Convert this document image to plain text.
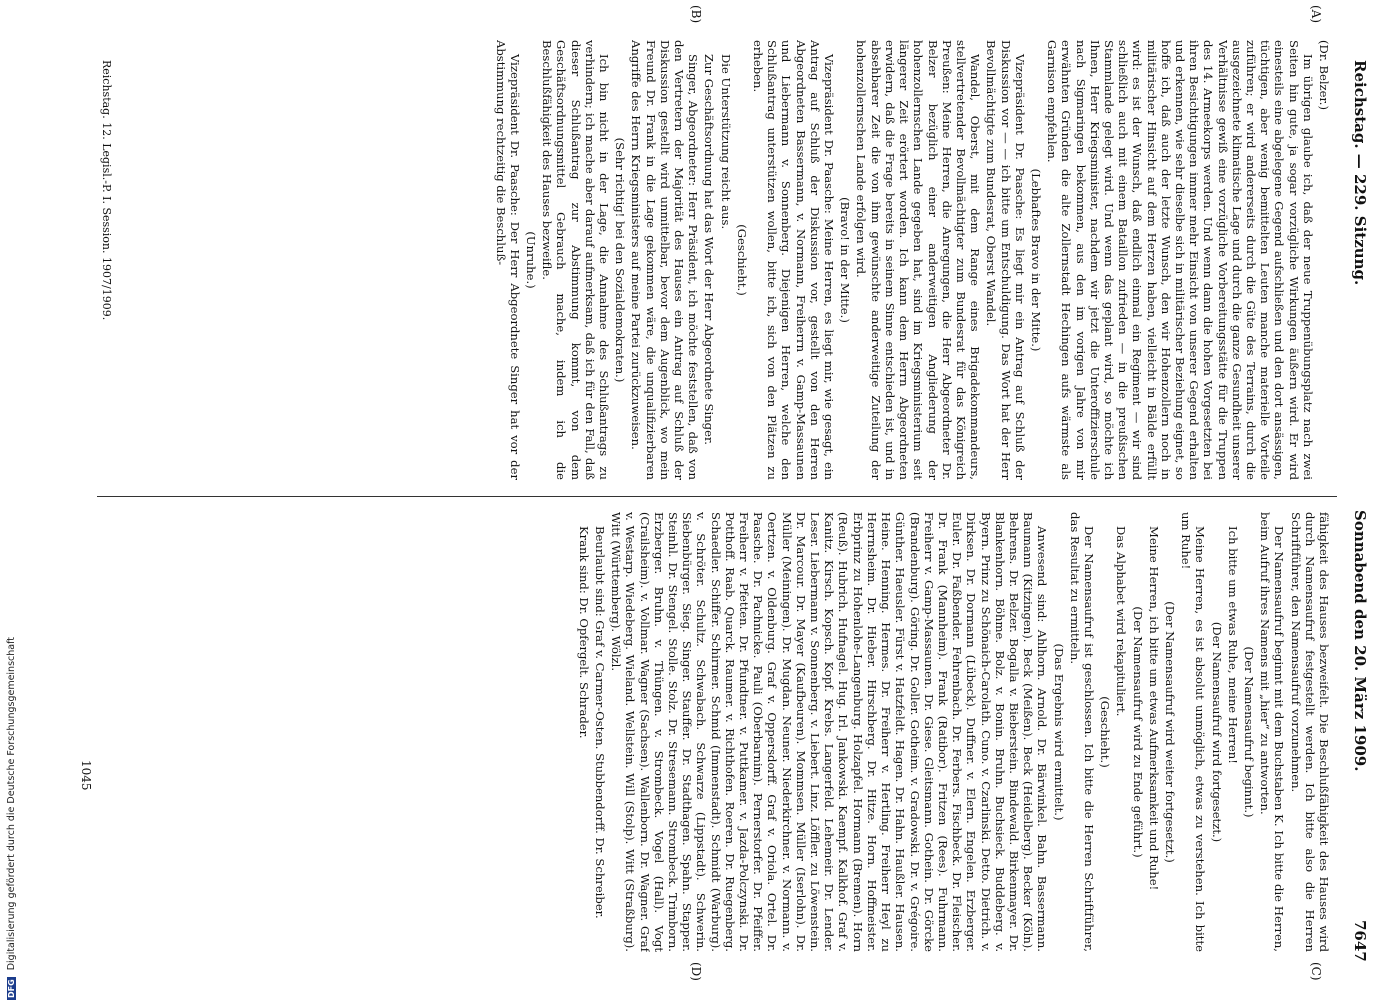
Reichstag. — 229. Sitzung.
Sonnabend den 20. März 1909.
7647
(A)
(B)
(C)
(D)

(Dr. Belzer.)

Im übrigen glaube ich, daß der neue Truppenübungsplatz nach zwei Seiten hin gute, ja sogar vorzügliche Wirkungen äußern wird. Er wird einesteils eine abgelegene Gegend aufschließen und den dort ansässigen, tüchtigen, aber wenig bemittelten Leuten manche materielle Vorteile zuführen; er wird andererseits durch die Güte des Terrains, durch die ausgezeichnete klimatische Lage und durch die ganze Gesundheit unserer Verhältnisse gewiß eine vorzügliche Vorbereitungsstätte für die Truppen des 14. Armeekorps werden. Und wenn dann die hohen Vorgesetzten bei ihren Besichtigungen immer mehr Einsicht von unserer Gegend erhalten und erkennen, wie sehr dieselbe sich in militärischer Beziehung eignet, so hoffe ich, daß auch der letzte Wunsch, den wir Hohenzollern noch in militärischer Hinsicht auf dem Herzen haben, vielleicht in Bälde erfüllt wird: es ist der Wunsch, daß endlich einmal ein Regiment — wir sind schließlich auch mit einem Bataillon zufrieden — in die preußischen Stammlande gelegt wird. Und wenn das geplant wird, so möchte ich Ihnen, Herr Kriegsminister, nachdem wir jetzt die Unteroffizierschule nach Sigmaringen bekommen, aus den im vorigen Jahre von mir erwähnten Gründen die alte Zollernstadt Hechingen aufs wärmste als Garnison empfehlen.

(Lebhaftes Bravo in der Mitte.)

Vizepräsident Dr. Paasche: Es liegt mir ein Antrag auf Schluß der Diskussion vor — — ich bitte um Entschuldigung. Das Wort hat der Herr Bevollmächtigte zum Bundesrat, Oberst Wandel.

Wandel, Oberst, mit dem Range eines Brigadekommandeurs, stellvertretender Bevollmächtigter zum Bundesrat für das Königreich Preußen: Meine Herren, die Anregungen, die Herr Abgeordneter Dr. Belzer bezüglich einer anderweitigen Angliederung der hohenzollernschen Lande gegeben hat, sind im Kriegsministerium seit längerer Zeit erörtert worden. Ich kann dem Herrn Abgeordneten erwidern, daß die Frage bereits in seinem Sinne entschieden ist, und in absehbarer Zeit die von ihm gewünschte anderweitige Zuteilung der hohenzollernschen Lande erfolgen wird.

(Bravo! in der Mitte.)

Vizepräsident Dr. Paasche: Meine Herren, es liegt mir, wie gesagt, ein Antrag auf Schluß der Diskussion vor, gestellt von den Herren Abgeordneten Bassermann, v. Normann, Freiherrn v. Gamp-Massaunen und Liebermann v. Sonnenberg. Diejenigen Herren, welche den Schlußantrag unterstützen wollen, bitte ich, sich von den Plätzen zu erheben.

(Geschieht.)

Die Unterstützung reicht aus.

Zur Geschäftsordnung hat das Wort der Herr Abgeordnete Singer.

Singer, Abgeordneter: Herr Präsident, ich möchte feststellen, daß von den Vertretern der Majorität des Hauses ein Antrag auf Schluß der Diskussion gestellt wird unmittelbar, bevor dem Augenblick, wo mein Freund Dr. Frank in die Lage gekommen wäre, die unqualifizierbaren Angriffe des Herrn Kriegsministers auf meine Partei zurückzuweisen.

(Sehr richtig! bei den Sozialdemokraten.)

Ich bin nicht in der Lage, die Annahme des Schlußantrags zu verhindern; ich mache aber darauf aufmerksam, daß ich für den Fall, daß dieser Schlußantrag zur Abstimmung kommt, von dem Geschäftsordnungsmittel Gebrauch mache, indem ich die Beschlußfähigkeit des Hauses bezweifle.

(Unruhe.)

Vizepräsident Dr. Paasche: Der Herr Abgeordnete Singer hat vor der Abstimmung rechtzeitig die Beschluß-

fähigkeit des Hauses bezweifelt. Die Beschlußfähigkeit des Hauses wird durch Namensaufruf festgestellt werden. Ich bitte also die Herren Schriftführer, den Namensaufruf vorzunehmen.

Der Namensaufruf beginnt mit dem Buchstaben K. Ich bitte die Herren, beim Aufruf ihres Namens mit „hier“ zu antworten.

(Der Namensaufruf beginnt.)

Ich bitte um etwas Ruhe, meine Herren!

(Der Namensaufruf wird fortgesetzt.)

Meine Herren, es ist absolut unmöglich, etwas zu verstehen. Ich bitte um Ruhe!

(Der Namensaufruf wird weiter fortgesetzt.)

Meine Herren, ich bitte um etwas Aufmerksamkeit und Ruhe!

(Der Namensaufruf wird zu Ende geführt.)

Das Alphabet wird rekapituliert.

(Geschieht.)

Der Namensaufruf ist geschlossen. Ich bitte die Herren Schriftführer, das Resultat zu ermitteln.

(Das Ergebnis wird ermittelt.)

Anwesend sind: Ahlhorn. Arnold. Dr. Bärwinkel. Bahn. Bassermann. Baumann (Kitzingen). Beck (Meißen). Beck (Heidelberg). Becker (Köln). Behrens. Dr. Belzer. Bogalla v. Bieberstein. Bindewald. Birkenmayer. Dr. Blankenhorn. Böhme. Bolz. v. Bonin. Bruhn. Buchsieck. Buddeberg. v. Byern. Prinz zu Schönaich-Carolath. Cuno. v. Czarlinski. Detto. Dietrich. v. Dirksen. Dr. Dormann (Lübeck). Duffner. v. Elern. Engelen. Erzberger. Euler. Dr. Faßbender. Fehrenbach. Dr. Ferbers. Fischbeck. Dr. Fleischer. Dr. Frank (Mannheim). Frank (Ratibor). Fritzen (Rees). Fuhrmann. Freiherr v. Gamp-Massaunen. Dr. Giese. Gleitsmann. Gothein. Dr. Görcke (Brandenburg). Göring. Dr. Goller. Gotheim. v. Gradowski. Dr. v. Grégoire. Günther. Haeusler. Fürst v. Hatzfeldt. Hagen. Dr. Hahn. Haußler. Hausen. Heine. Henning. Hermes. Dr. Freiherr v. Hertling. Freiherr Heyl zu Herrnsheim. Dr. Hieber. Hirschberg. Dr. Hitze. Horn. Hoffmeister. Erbprinz zu Hohenlohe-Langenburg. Holzapfel. Hormann (Bremen). Horn (Reuß). Hubrich. Hufnagel. Hug. Irl. Jankowski. Kaempf. Kalkhof. Graf v. Kanitz. Kirsch. Kopsch. Kopf. Krebs. Langerfeld. Lehemeir. Dr. Lender. Leser. Liebermann v. Sonnenberg. v. Liebert. Linz. Löffler. zu Löwenstein. Dr. Marcour. Dr. Mayer (Kaufbeuren). Mommsen. Müller (Iserlohn). Dr. Müller (Meiningen). Dr. Mugdan. Neuner. Niederkirchner. v. Normann. v. Oertzen. v. Oldenburg. Graf v. Oppersdorff. Graf v. Oriola. Ortel. Dr. Paasche. Dr. Pachnicke. Pauli (Oberbarnim). Pernerstorfer. Dr. Pfeiffer. Freiherr v. Pfetten. Dr. Pfundtner. v. Puttkamer. v. Jazda-Polczynski. Dr. Potthoff. Raab. Quarck. Raumer. v. Richthofen. Roeren. Dr. Ruegenberg. Schaedler. Schiffer. Schirmer. Schmid (Immenstadt). Schmidt (Warburg). v. Schröter. Schultz. Schwabach. Schwarze (Lippstadt). Schwerin. Siebenbürger. Sieg. Singer. Stauffer. Dr. Stadthagen. Spahn. Stapper. Steinhl. Dr. Stengel. Stolle. Stolz. Dr. Stresemann. Strombeck. Trimborn. Erzberger. Bruhn. v. Thüngen. v. Strombeck. Vogel (Hall). Vogt (Crailsheim). v. Vollmar. Wagner (Sachsen). Wallenborn. Dr. Wagner. Graf v. Westarp. Wiedeberg. Wieland. Wellstein. Will (Stolp). Witt (Straßburg). Witt (Württemberg). Wölzl.

Beurlaubt sind: Graf v. Carmer-Osten. Stubbendorff. Dr. Schreiber.

Krank sind: Dr. Opfergelt. Schrader.

Reichstag. 12. Legisl.-P. I. Session. 1907/1909.
1045
DFG Digitalisierung gefördert durch die Deutsche Forschungsgemeinschaft
